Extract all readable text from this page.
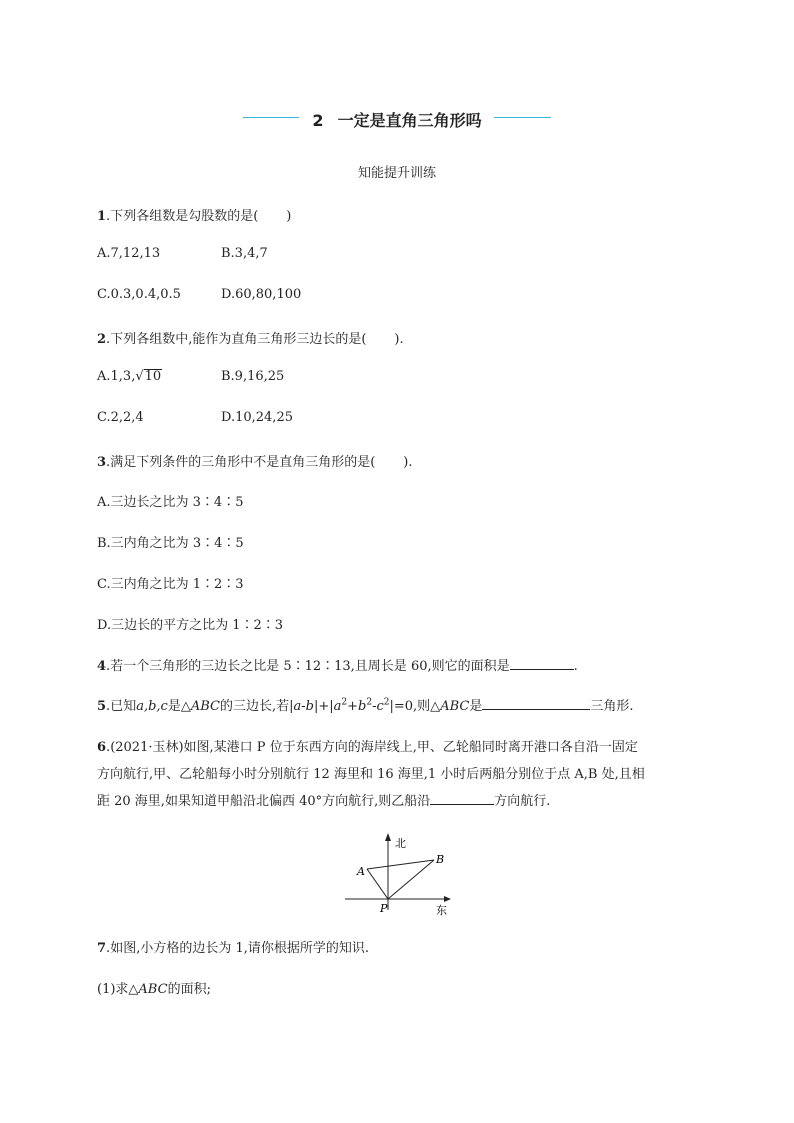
2 一定是直角三角形吗
知能提升训练
1.下列各组数是勾股数的是( )
A.7,12,13	B.3,4,7
C.0.3,0.4,0.5	D.60,80,100
2.下列各组数中,能作为直角三角形三边长的是( ).
A.1,3,√10	B.9,16,25
C.2,2,4	D.10,24,25
3.满足下列条件的三角形中不是直角三角形的是( ).
A.三边长之比为 3∶4∶5
B.三内角之比为 3∶4∶5
C.三内角之比为 1∶2∶3
D.三边长的平方之比为 1∶2∶3
4.若一个三角形的三边长之比是 5∶12∶13,且周长是 60,则它的面积是	.
5.已知a,b,c是△ABC的三边长,若$|a-b|+|a^2+b^2-c^2|=0$,则△ABC是	三角形.
6.(2021·玉林)如图,某港口 P 位于东西方向的海岸线上,甲、乙轮船同时离开港口各自沿一固定
方向航行,甲、乙轮船每小时分别航行 12 海里和 16 海里,1 小时后两船分别位于点 A,B 处,且相
距 20 海里,如果知道甲船沿北偏西 40°方向航行,则乙船沿	方向航行.
北
东
A
B
P
7.如图,小方格的边长为 1,请你根据所学的知识.
(1)求△ABC的面积;
